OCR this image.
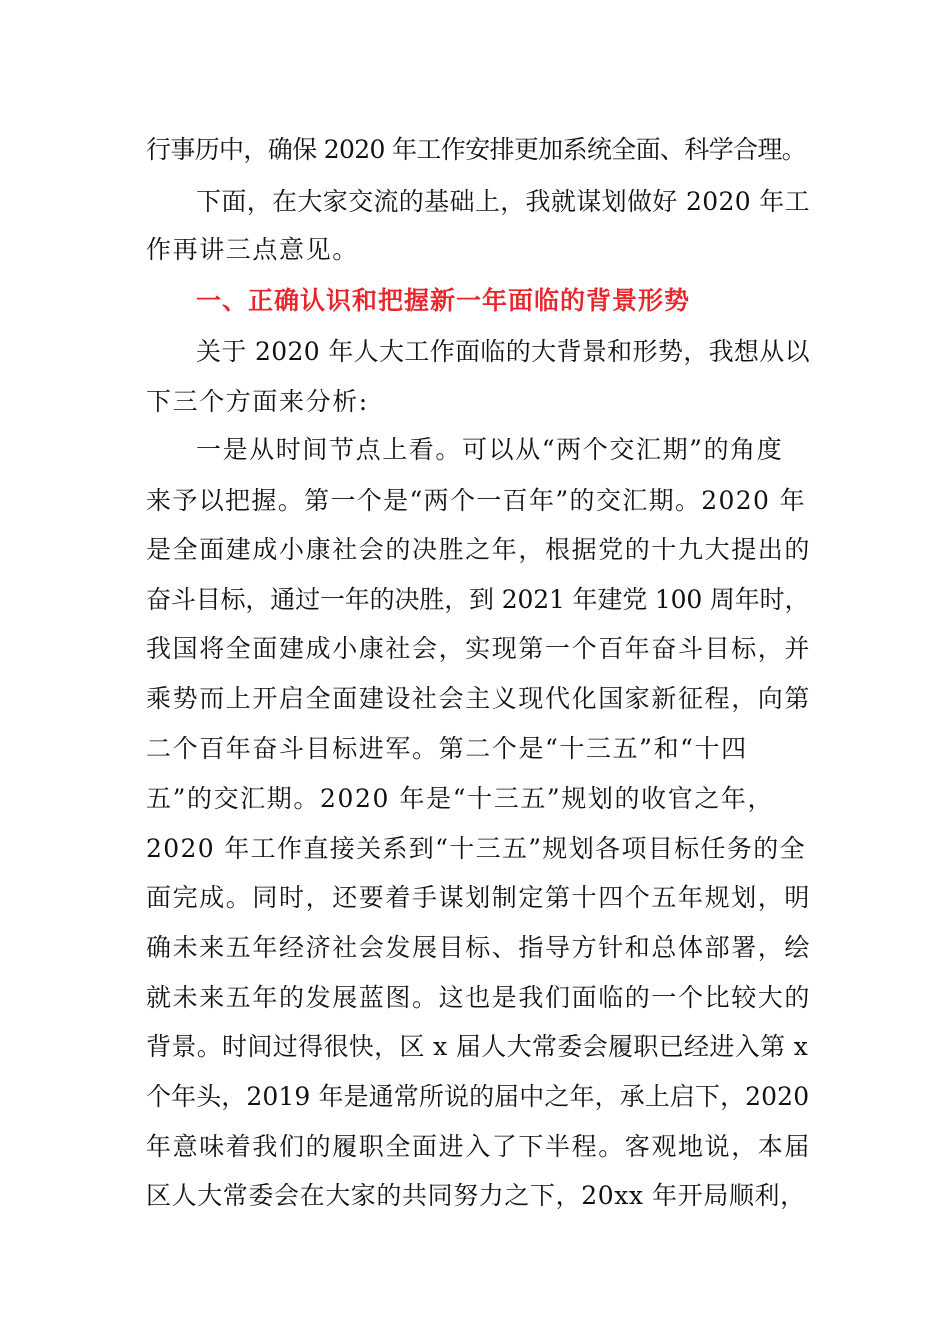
行事历中，确保 2020 年工作安排更加系统全面、科学合理。
下面，在大家交流的基础上，我就谋划做好 2020 年工
作再讲三点意见。
一、正确认识和把握新一年面临的背景形势
关于 2020 年人大工作面临的大背景和形势，我想从以
下三个方面来分析:
一是从时间节点上看。可以从“两个交汇期”的角度
来予以把握。第一个是“两个一百年”的交汇期。2020 年
是全面建成小康社会的决胜之年，根据党的十九大提出的
奋斗目标，通过一年的决胜，到 2021 年建党 100 周年时，
我国将全面建成小康社会，实现第一个百年奋斗目标，并
乘势而上开启全面建设社会主义现代化国家新征程，向第
二个百年奋斗目标进军。第二个是“十三五”和“十四
五”的交汇期。2020 年是“十三五”规划的收官之年，
2020 年工作直接关系到“十三五”规划各项目标任务的全
面完成。同时，还要着手谋划制定第十四个五年规划，明
确未来五年经济社会发展目标、指导方针和总体部署，绘
就未来五年的发展蓝图。这也是我们面临的一个比较大的
背景。时间过得很快，区 x 届人大常委会履职已经进入第 x
个年头，2019 年是通常所说的届中之年，承上启下，2020
年意味着我们的履职全面进入了下半程。客观地说，本届
区人大常委会在大家的共同努力之下，20xx 年开局顺利，
